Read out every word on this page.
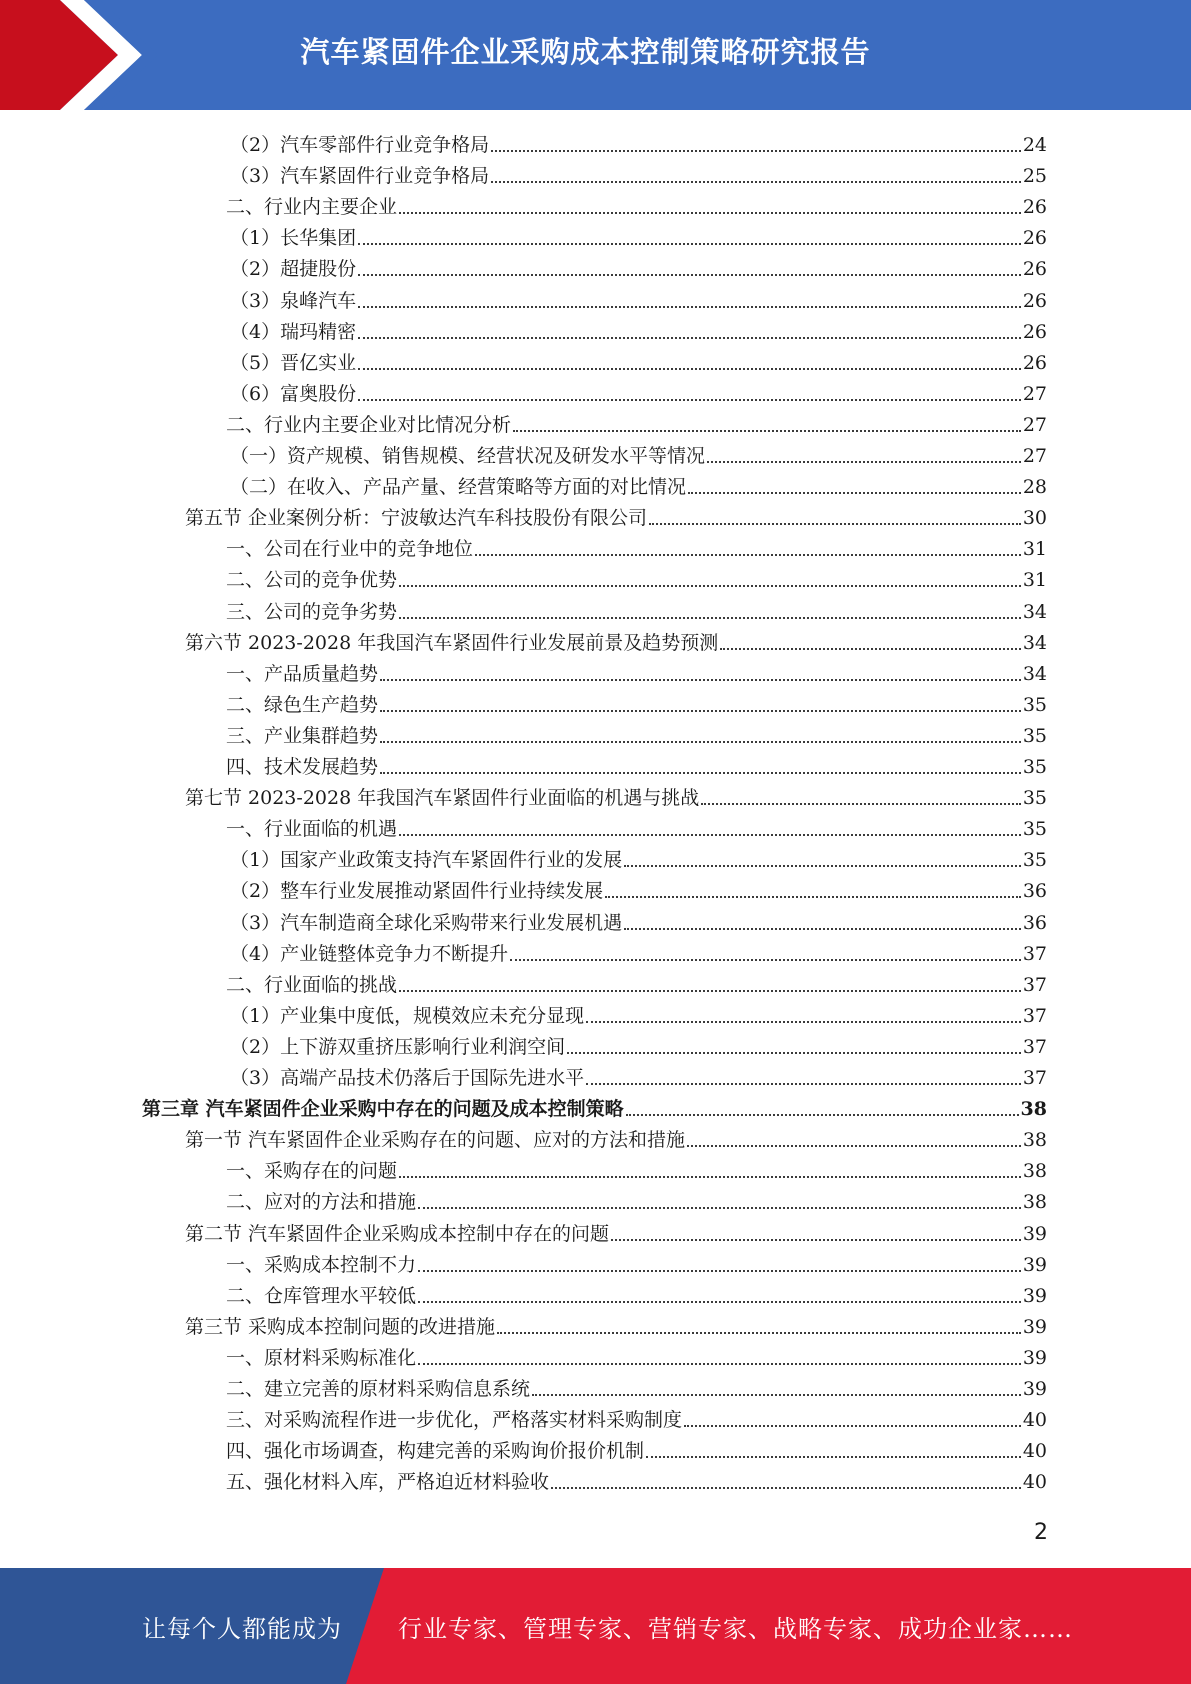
汽车紧固件企业采购成本控制策略研究报告
（2）汽车零部件行业竞争格局	24
（3）汽车紧固件行业竞争格局	25
二、行业内主要企业	26
（1）长华集团	26
（2）超捷股份	26
（3）泉峰汽车	26
（4）瑞玛精密	26
（5）晋亿实业	26
（6）富奥股份	27
二、行业内主要企业对比情况分析	27
（一）资产规模、销售规模、经营状况及研发水平等情况	27
（二）在收入、产品产量、经营策略等方面的对比情况	28
第五节 企业案例分析：宁波敏达汽车科技股份有限公司	30
一、公司在行业中的竞争地位	31
二、公司的竞争优势	31
三、公司的竞争劣势	34
第六节 2023-2028 年我国汽车紧固件行业发展前景及趋势预测	34
一、产品质量趋势	34
二、绿色生产趋势	35
三、产业集群趋势	35
四、技术发展趋势	35
第七节 2023-2028 年我国汽车紧固件行业面临的机遇与挑战	35
一、行业面临的机遇	35
（1）国家产业政策支持汽车紧固件行业的发展	35
（2）整车行业发展推动紧固件行业持续发展	36
（3）汽车制造商全球化采购带来行业发展机遇	36
（4）产业链整体竞争力不断提升	37
二、行业面临的挑战	37
（1）产业集中度低，规模效应未充分显现	37
（2）上下游双重挤压影响行业利润空间	37
（3）高端产品技术仍落后于国际先进水平	37
第三章 汽车紧固件企业采购中存在的问题及成本控制策略	38
第一节 汽车紧固件企业采购存在的问题、应对的方法和措施	38
一、采购存在的问题	38
二、应对的方法和措施	38
第二节 汽车紧固件企业采购成本控制中存在的问题	39
一、采购成本控制不力	39
二、仓库管理水平较低	39
第三节 采购成本控制问题的改进措施	39
一、原材料采购标准化	39
二、建立完善的原材料采购信息系统	39
三、对采购流程作进一步优化，严格落实材料采购制度	40
四、强化市场调查，构建完善的采购询价报价机制	40
五、强化材料入库，严格迫近材料验收	40
2
让每个人都能成为 行业专家、管理专家、营销专家、战略专家、成功企业家……
